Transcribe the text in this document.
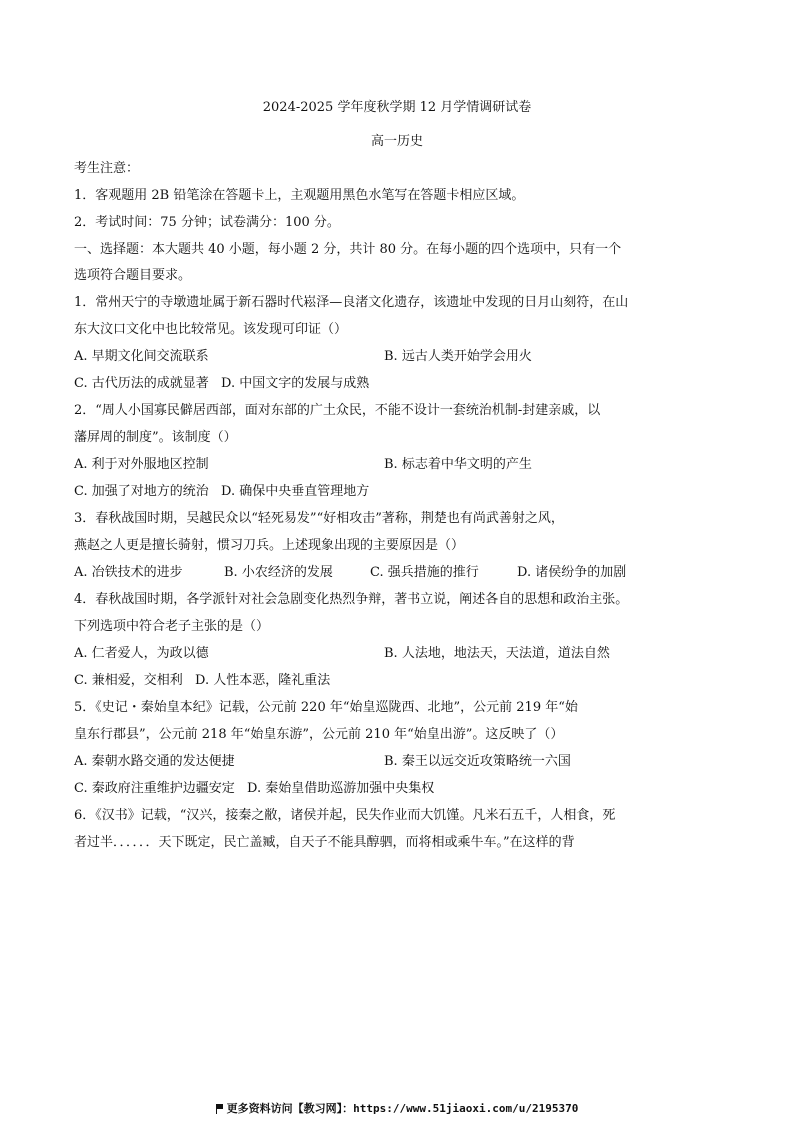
2024-2025 学年度秋学期 12 月学情调研试卷
高一历史
考生注意：
1．客观题用 2B 铅笔涂在答题卡上，主观题用黑色水笔写在答题卡相应区域。
2．考试时间：75 分钟；试卷满分：100 分。
一、选择题：本大题共 40 小题，每小题 2 分，共计 80 分。在每小题的四个选项中，只有一个
选项符合题目要求。
1．常州天宁的寺墩遗址属于新石器时代崧泽—良渚文化遗存，该遗址中发现的日月山刻符，在山
东大汶口文化中也比较常见。该发现可印证（）
A. 早期文化间交流联系	B. 远古人类开始学会用火
C. 古代历法的成就显著 D. 中国文字的发展与成熟
2．“周人小国寡民僻居西部，面对东部的广土众民，不能不设计一套统治机制-封建亲戚，以
藩屏周的制度”。该制度（）
A. 利于对外服地区控制	B. 标志着中华文明的产生
C. 加强了对地方的统治 D. 确保中央垂直管理地方
3．春秋战国时期，吴越民众以“轻死易发”“好相攻击”著称，荆楚也有尚武善射之风，
燕赵之人更是擅长骑射，惯习刀兵。上述现象出现的主要原因是（）
A. 冶铁技术的进步	B. 小农经济的发展	C. 强兵措施的推行	D. 诸侯纷争的加剧
4．春秋战国时期，各学派针对社会急剧变化热烈争辩，著书立说，阐述各自的思想和政治主张。
下列选项中符合老子主张的是（）
A. 仁者爱人，为政以德	B. 人法地，地法天，天法道，道法自然
C. 兼相爱，交相利 D. 人性本恶，隆礼重法
5．《史记・秦始皇本纪》记载，公元前 220 年“始皇巡陇西、北地”，公元前 219 年“始
皇东行郡县”，公元前 218 年“始皇东游”，公元前 210 年“始皇出游”。这反映了（）
A. 秦朝水路交通的发达便捷	B. 秦王以远交近攻策略统一六国
C. 秦政府注重维护边疆安定 D. 秦始皇借助巡游加强中央集权
6．《汉书》记载，“汉兴，接秦之敝，诸侯并起，民失作业而大饥馑。凡米石五千，人相食，死
者过半．．．．．．天下既定，民亡盖臧，自天子不能具醇驷，而将相或乘牛车。”在这样的背
更多资料访问【教习网】：https://www.51jiaoxi.com/u/2195370
